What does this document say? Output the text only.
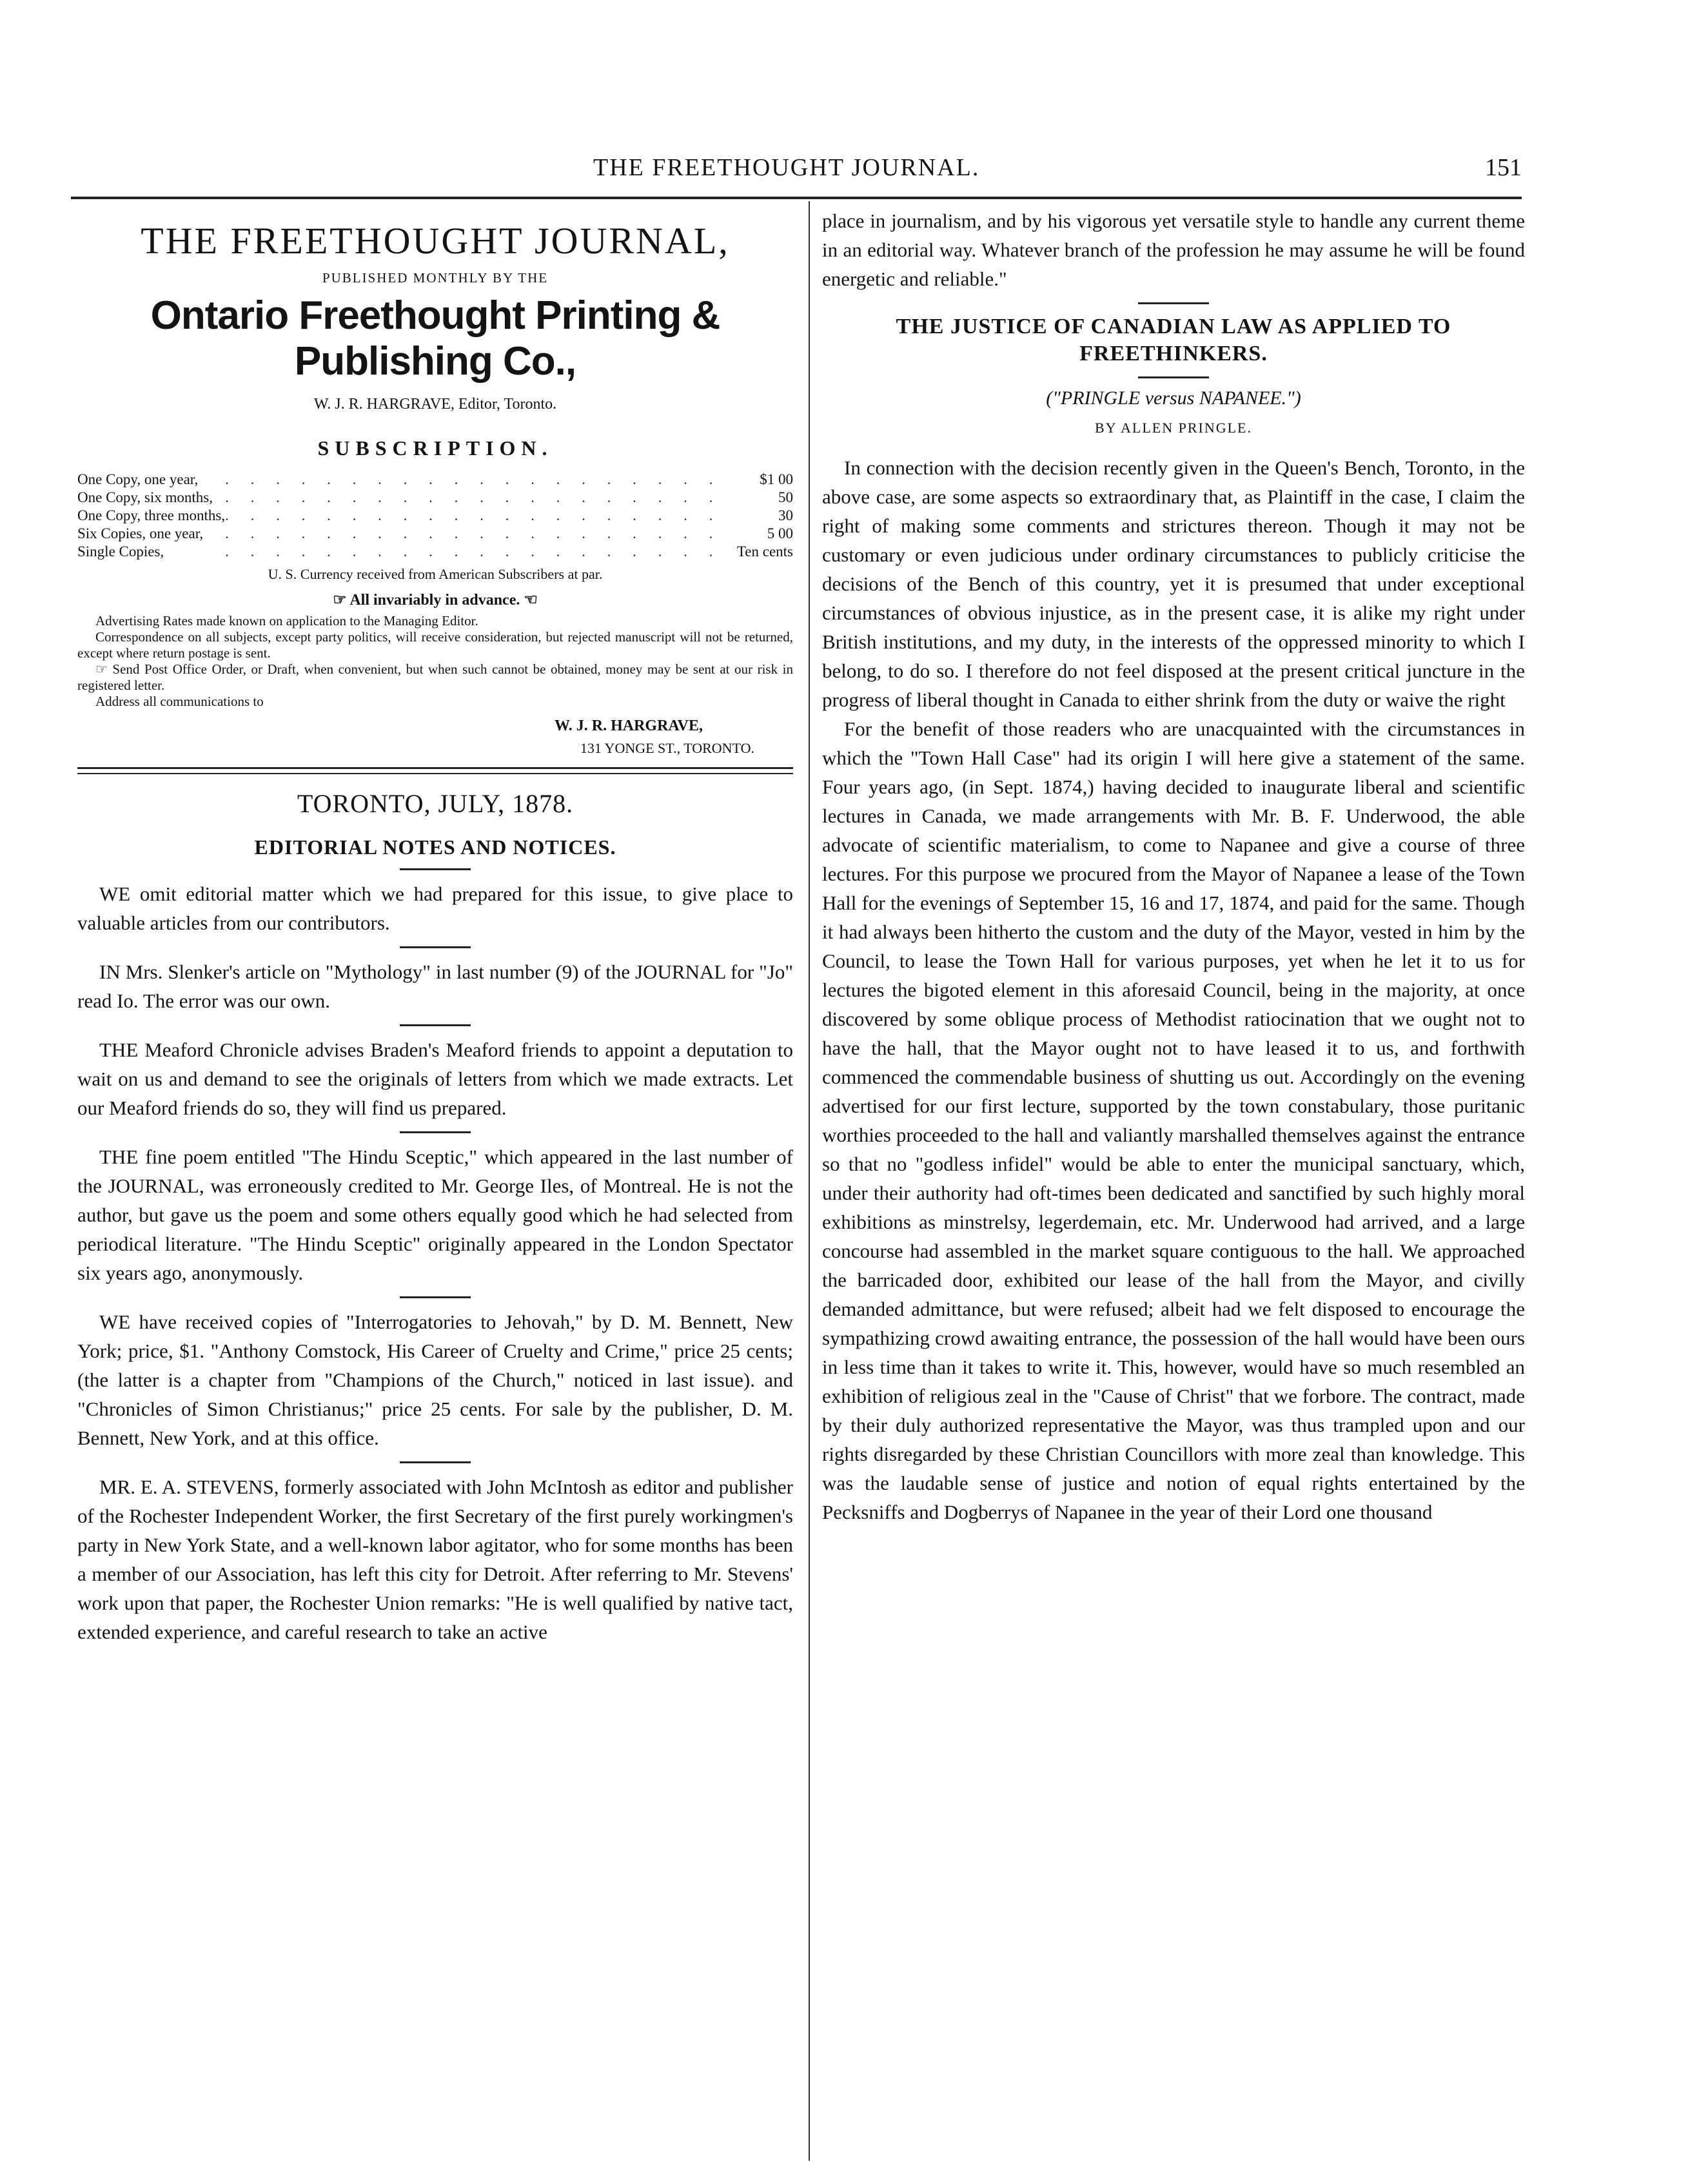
THE FREETHOUGHT JOURNAL.	151
THE FREETHOUGHT JOURNAL,
PUBLISHED MONTHLY BY THE
Ontario Freethought Printing & Publishing Co.,
W. J. R. HARGRAVE, Editor, Toronto.
SUBSCRIPTION.
One Copy, one year,	. . . . . . . . . . . . . . . . . . . .	$1 00
One Copy, six months,	. . . . . . . . . . . . . . . . . . . .	50
One Copy, three months,	. . . . . . . . . . . . . . . . . . . .	30
Six Copies, one year,	. . . . . . . . . . . . . . . . . . . .	5 00
Single Copies,	. . . . . . . . . . . . . . . . . . . .	Ten cents
U. S. Currency received from American Subscribers at par.
☞ All invariably in advance. ☜

Advertising Rates made known on application to the Managing Editor.

Correspondence on all subjects, except party politics, will receive consideration, but rejected manuscript will not be returned, except where return postage is sent.

☞ Send Post Office Order, or Draft, when convenient, but when such cannot be obtained, money may be sent at our risk in registered letter.

Address all communications to

W. J. R. HARGRAVE,
131 YONGE ST., TORONTO.
TORONTO, JULY, 1878.
EDITORIAL NOTES AND NOTICES.

WE omit editorial matter which we had prepared for this issue, to give place to valuable articles from our contributors.

IN Mrs. Slenker's article on "Mythology" in last number (9) of the JOURNAL for "Jo" read Io. The error was our own.

THE Meaford Chronicle advises Braden's Meaford friends to appoint a deputation to wait on us and demand to see the originals of letters from which we made extracts. Let our Meaford friends do so, they will find us prepared.

THE fine poem entitled "The Hindu Sceptic," which appeared in the last number of the JOURNAL, was erroneously credited to Mr. George Iles, of Montreal. He is not the author, but gave us the poem and some others equally good which he had selected from periodical literature. "The Hindu Sceptic" originally appeared in the London Spectator six years ago, anonymously.

WE have received copies of "Interrogatories to Jehovah," by D. M. Bennett, New York; price, $1. "Anthony Comstock, His Career of Cruelty and Crime," price 25 cents; (the latter is a chapter from "Champions of the Church," noticed in last issue). and "Chronicles of Simon Christianus;" price 25 cents. For sale by the publisher, D. M. Bennett, New York, and at this office.

MR. E. A. STEVENS, formerly associated with John McIntosh as editor and publisher of the Rochester Independent Worker, the first Secretary of the first purely workingmen's party in New York State, and a well-known labor agitator, who for some months has been a member of our Association, has left this city for Detroit. After referring to Mr. Stevens' work upon that paper, the Rochester Union remarks: "He is well qualified by native tact, extended experience, and careful research to take an active

place in journalism, and by his vigorous yet versatile style to handle any current theme in an editorial way. Whatever branch of the profession he may assume he will be found energetic and reliable."

THE JUSTICE OF CANADIAN LAW AS APPLIED TO FREETHINKERS.
("PRINGLE versus NAPANEE.")
BY ALLEN PRINGLE.

In connection with the decision recently given in the Queen's Bench, Toronto, in the above case, are some aspects so extraordinary that, as Plaintiff in the case, I claim the right of making some comments and strictures thereon. Though it may not be customary or even judicious under ordinary circumstances to publicly criticise the decisions of the Bench of this country, yet it is presumed that under exceptional circumstances of obvious injustice, as in the present case, it is alike my right under British institutions, and my duty, in the interests of the oppressed minority to which I belong, to do so. I therefore do not feel disposed at the present critical juncture in the progress of liberal thought in Canada to either shrink from the duty or waive the right

For the benefit of those readers who are unacquainted with the circumstances in which the "Town Hall Case" had its origin I will here give a statement of the same. Four years ago, (in Sept. 1874,) having decided to inaugurate liberal and scientific lectures in Canada, we made arrangements with Mr. B. F. Underwood, the able advocate of scientific materialism, to come to Napanee and give a course of three lectures. For this purpose we procured from the Mayor of Napanee a lease of the Town Hall for the evenings of September 15, 16 and 17, 1874, and paid for the same. Though it had always been hitherto the custom and the duty of the Mayor, vested in him by the Council, to lease the Town Hall for various purposes, yet when he let it to us for lectures the bigoted element in this aforesaid Council, being in the majority, at once discovered by some oblique process of Methodist ratiocination that we ought not to have the hall, that the Mayor ought not to have leased it to us, and forthwith commenced the commendable business of shutting us out. Accordingly on the evening advertised for our first lecture, supported by the town constabulary, those puritanic worthies proceeded to the hall and valiantly marshalled themselves against the entrance so that no "godless infidel" would be able to enter the municipal sanctuary, which, under their authority had oft-times been dedicated and sanctified by such highly moral exhibitions as minstrelsy, legerdemain, etc. Mr. Underwood had arrived, and a large concourse had assembled in the market square contiguous to the hall. We approached the barricaded door, exhibited our lease of the hall from the Mayor, and civilly demanded admittance, but were refused; albeit had we felt disposed to encourage the sympathizing crowd awaiting entrance, the possession of the hall would have been ours in less time than it takes to write it. This, however, would have so much resembled an exhibition of religious zeal in the "Cause of Christ" that we forbore. The contract, made by their duly authorized representative the Mayor, was thus trampled upon and our rights disregarded by these Christian Councillors with more zeal than knowledge. This was the laudable sense of justice and notion of equal rights entertained by the Pecksniffs and Dogberrys of Napanee in the year of their Lord one thousand
